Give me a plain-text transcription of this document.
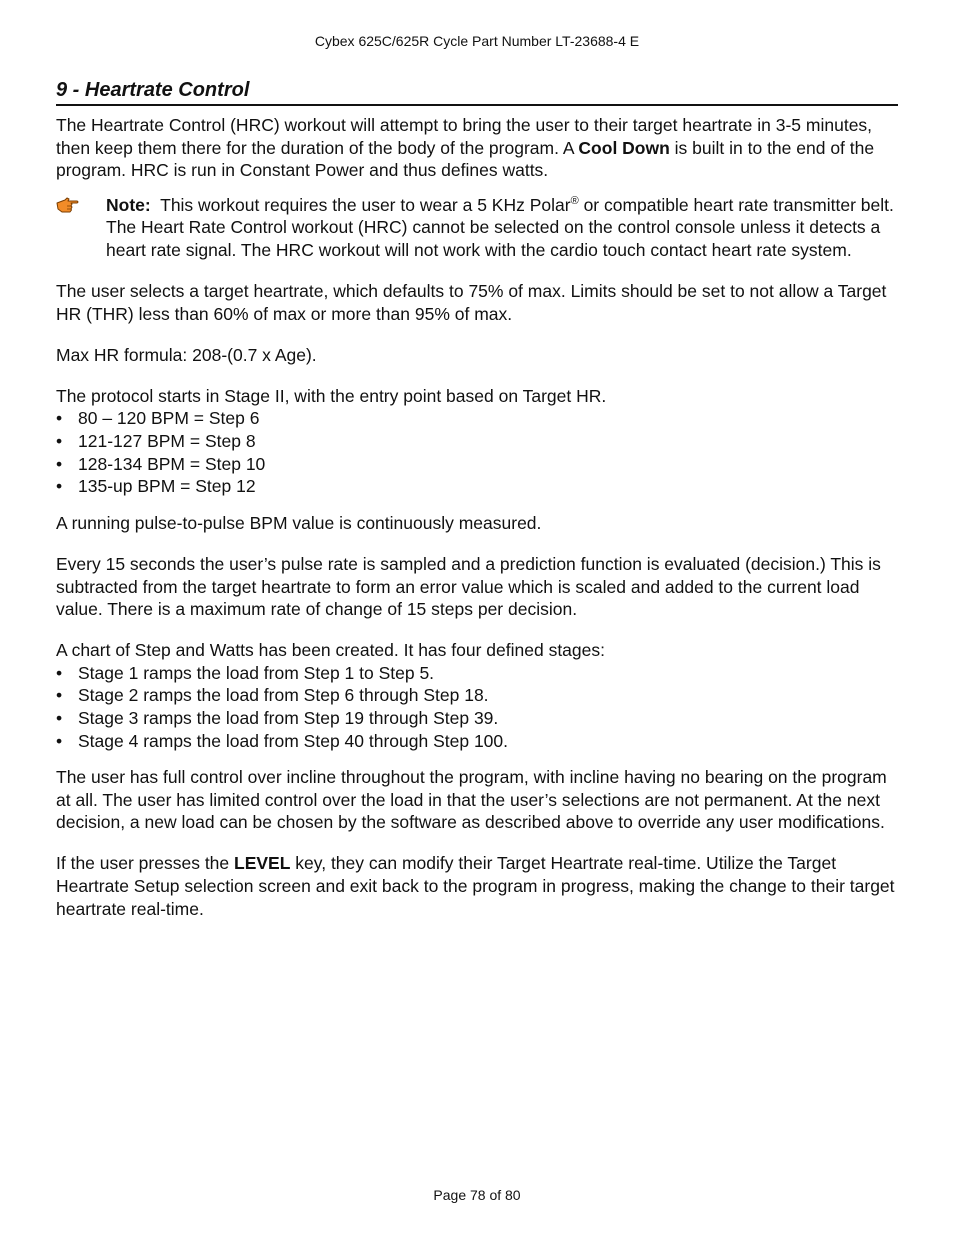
Cybex 625C/625R Cycle Part Number LT-23688-4 E
9 - Heartrate Control

The Heartrate Control (HRC) workout will attempt to bring the user to their target heartrate in 3-5 minutes, then keep them there for the duration of the body of the program. A Cool Down is built in to the end of the program. HRC is run in Constant Power and thus defines watts.

Note:  This workout requires the user to wear a 5 KHz Polar® or compatible heart rate transmitter belt. The Heart Rate Control workout (HRC) cannot be selected on the control console unless it detects a heart rate signal. The HRC workout will not work with the cardio touch contact heart rate system.

The user selects a target heartrate, which defaults to 75% of max. Limits should be set to not allow a Target HR (THR) less than 60% of max or more than 95% of max.

Max HR formula: 208-(0.7 x Age).

The protocol starts in Stage II, with the entry point based on Target HR.

• 80 – 120 BPM = Step 6
• 121-127 BPM = Step 8
• 128-134 BPM = Step 10
• 135-up BPM = Step 12

A running pulse-to-pulse BPM value is continuously measured.

Every 15 seconds the user’s pulse rate is sampled and a prediction function is evaluated (decision.) This is subtracted from the target heartrate to form an error value which is scaled and added to the current load value. There is a maximum rate of change of 15 steps per decision.

A chart of Step and Watts has been created. It has four defined stages:

• Stage 1 ramps the load from Step 1 to Step 5.
• Stage 2 ramps the load from Step 6 through Step 18.
• Stage 3 ramps the load from Step 19 through Step 39.
• Stage 4 ramps the load from Step 40 through Step 100.

The user has full control over incline throughout the program, with incline having no bearing on the program at all. The user has limited control over the load in that the user’s selections are not permanent. At the next decision, a new load can be chosen by the software as described above to override any user modifications.

If the user presses the LEVEL key, they can modify their Target Heartrate real-time. Utilize the Target Heartrate Setup selection screen and exit back to the program in progress, making the change to their target heartrate real-time.

Page 78 of 80
